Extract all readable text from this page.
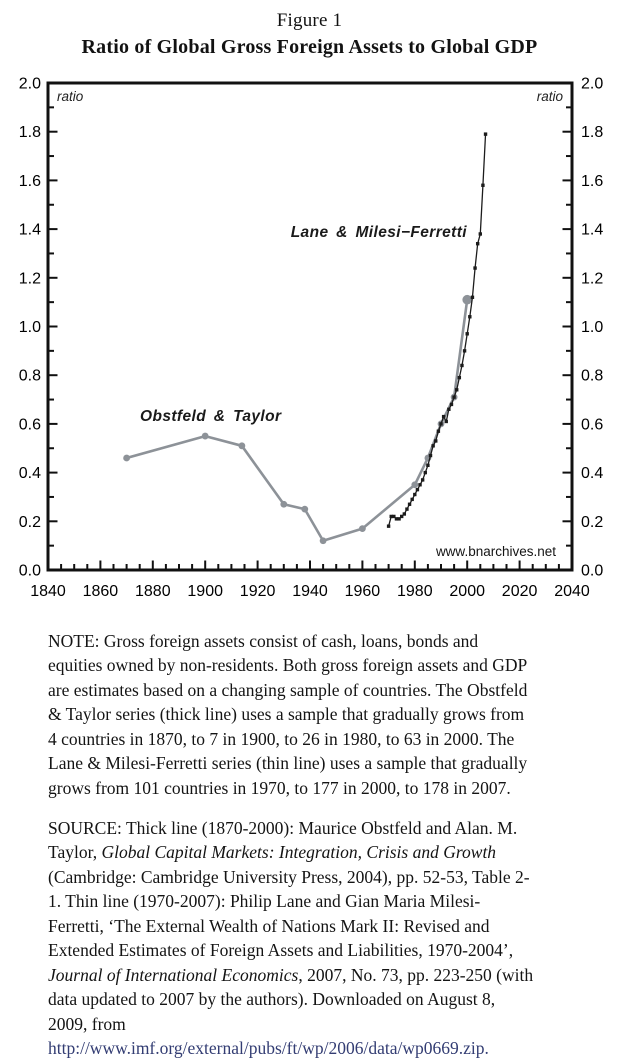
Figure 1
Ratio of Global Gross Foreign Assets to Global GDP
0.0	0.0
0.2	0.2
0.4	0.4
0.6	0.6
0.8	0.8
1.0	1.0
1.2	1.2
1.4	1.4
1.6	1.6
1.8	1.8
2.0	2.0
1840 1860 1880 1900 1920 1940 1960 1980 2000 2020 2040
ratio	ratio
www.bnarchives.net
Obstfeld & Taylor
Lane & Milesi−Ferretti
NOTE: Gross foreign assets consist of cash, loans, bonds and
equities owned by non-residents. Both gross foreign assets and GDP
are estimates based on a changing sample of countries. The Obstfeld
& Taylor series (thick line) uses a sample that gradually grows from
4 countries in 1870, to 7 in 1900, to 26 in 1980, to 63 in 2000. The
Lane & Milesi-Ferretti series (thin line) uses a sample that gradually
grows from 101 countries in 1970, to 177 in 2000, to 178 in 2007.
SOURCE: Thick line (1870-2000): Maurice Obstfeld and Alan. M.
Taylor, Global Capital Markets: Integration, Crisis and Growth
(Cambridge: Cambridge University Press, 2004), pp. 52-53, Table 2-
1. Thin line (1970-2007): Philip Lane and Gian Maria Milesi-
Ferretti, ‘The External Wealth of Nations Mark II: Revised and
Extended Estimates of Foreign Assets and Liabilities, 1970-2004’,
Journal of International Economics, 2007, No. 73, pp. 223-250 (with
data updated to 2007 by the authors). Downloaded on August 8,
2009, from
http://www.imf.org/external/pubs/ft/wp/2006/data/wp0669.zip.
